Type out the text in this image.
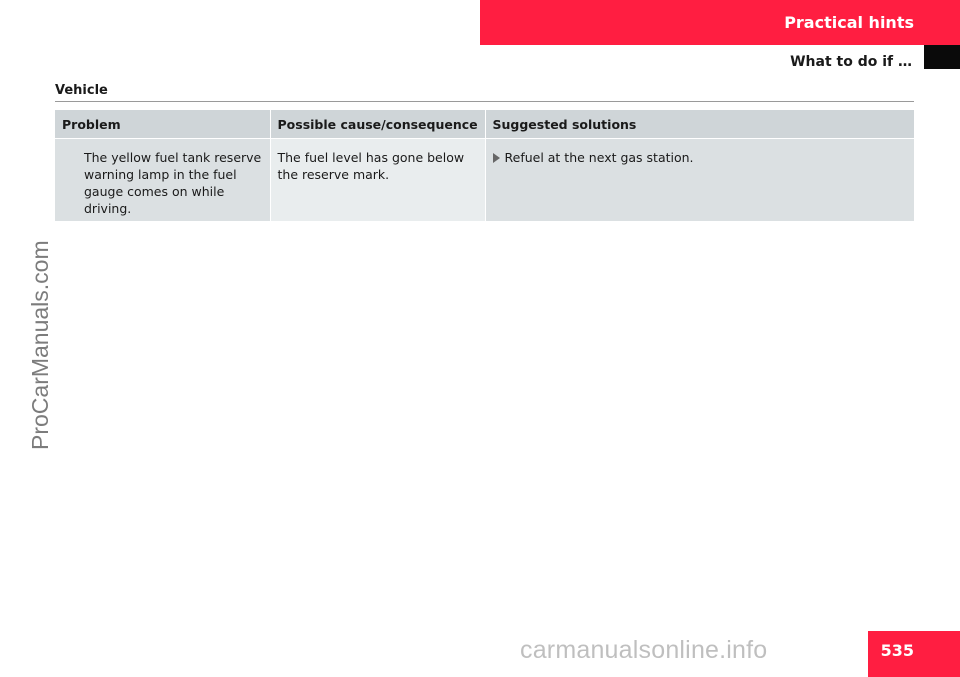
Practical hints
What to do if …
ProCarManuals.com
Vehicle
Problem	Possible cause/consequence	Suggested solutions

The yellow fuel tank reserve warning lamp in the fuel gauge comes on while driving.	The fuel level has gone below the reserve mark.	Refuel at the next gas station.
535
carmanualsonline.info
